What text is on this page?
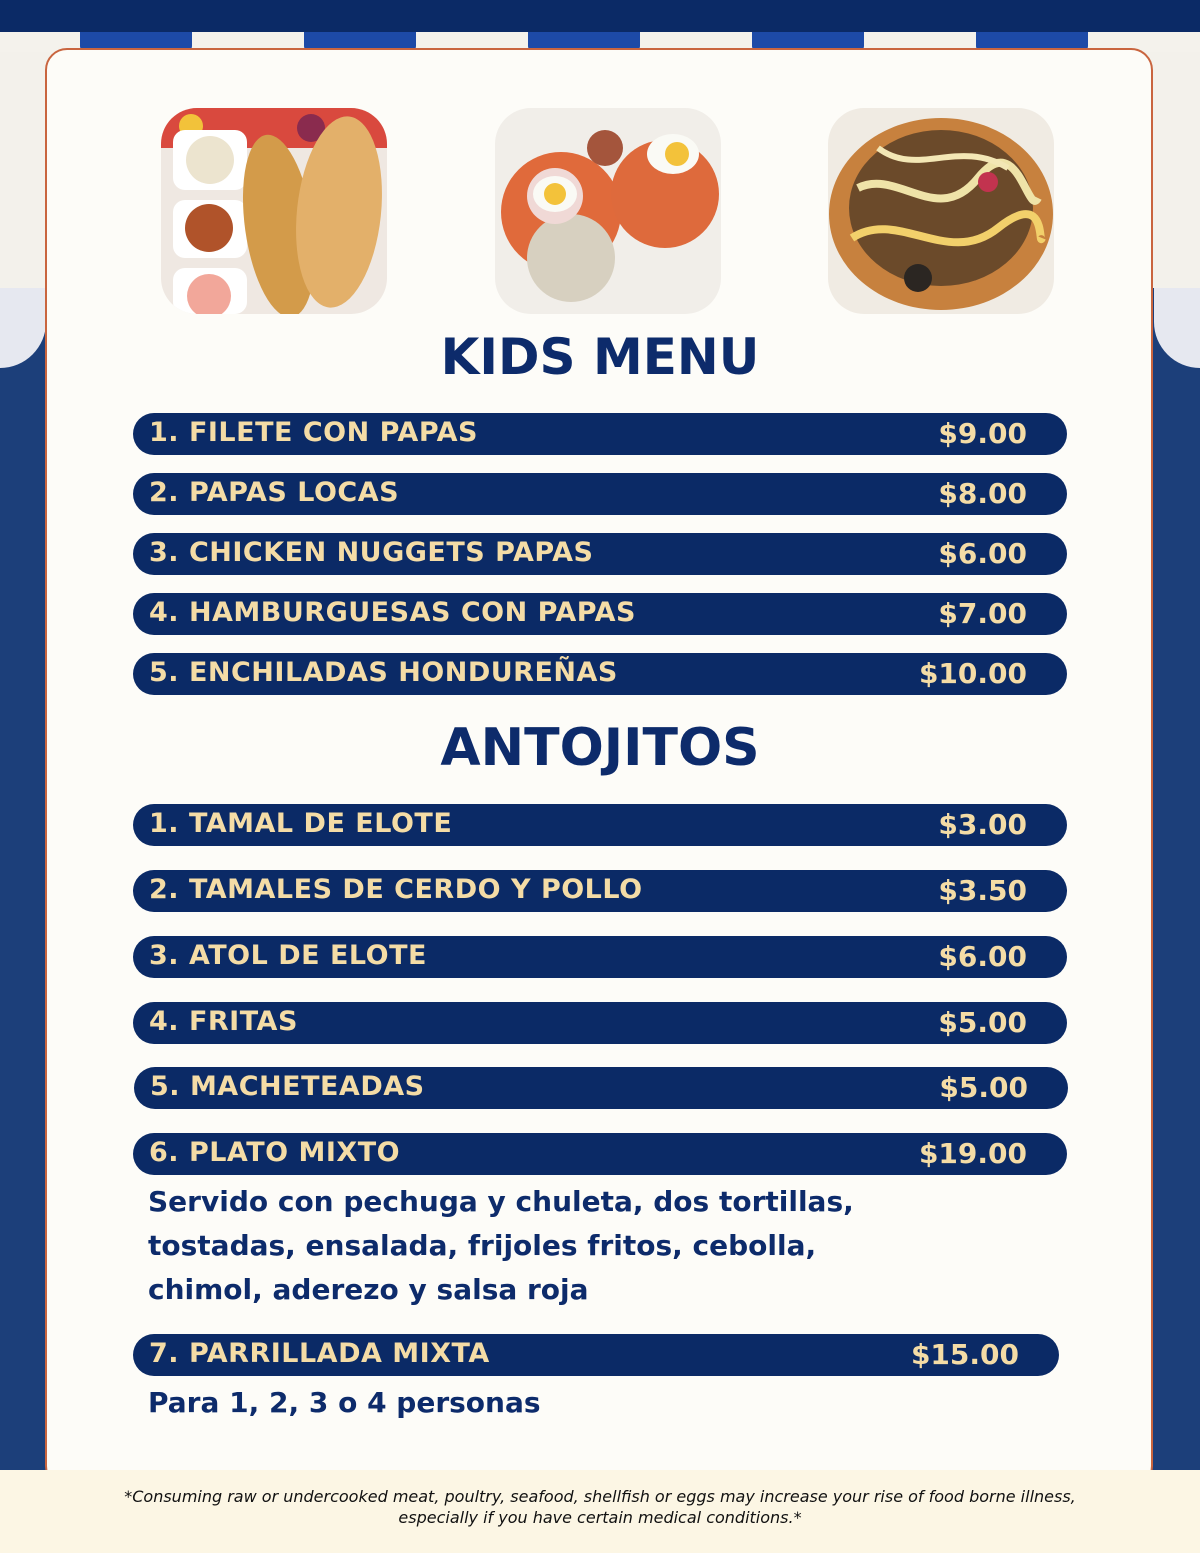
KIDS MENU
1. FILETE CON PAPAS	$9.00
2. PAPAS LOCAS	$8.00
3. CHICKEN NUGGETS PAPAS	$6.00
4. HAMBURGUESAS CON PAPAS	$7.00
5. ENCHILADAS HONDUREÑAS	$10.00
ANTOJITOS
1. TAMAL DE ELOTE	$3.00
2. TAMALES DE CERDO Y POLLO	$3.50
3. ATOL DE ELOTE	$6.00
4. FRITAS	$5.00
5. MACHETEADAS	$5.00
6. PLATO MIXTO	$19.00
Servido con pechuga y chuleta, dos tortillas,
tostadas, ensalada, frijoles fritos, cebolla,
chimol, aderezo y salsa roja
7. PARRILLADA MIXTA	$15.00
Para 1, 2, 3 o 4 personas
*Consuming raw or undercooked meat, poultry, seafood, shellfish or eggs may increase your rise of food borne illness,
especially if you have certain medical conditions.*
